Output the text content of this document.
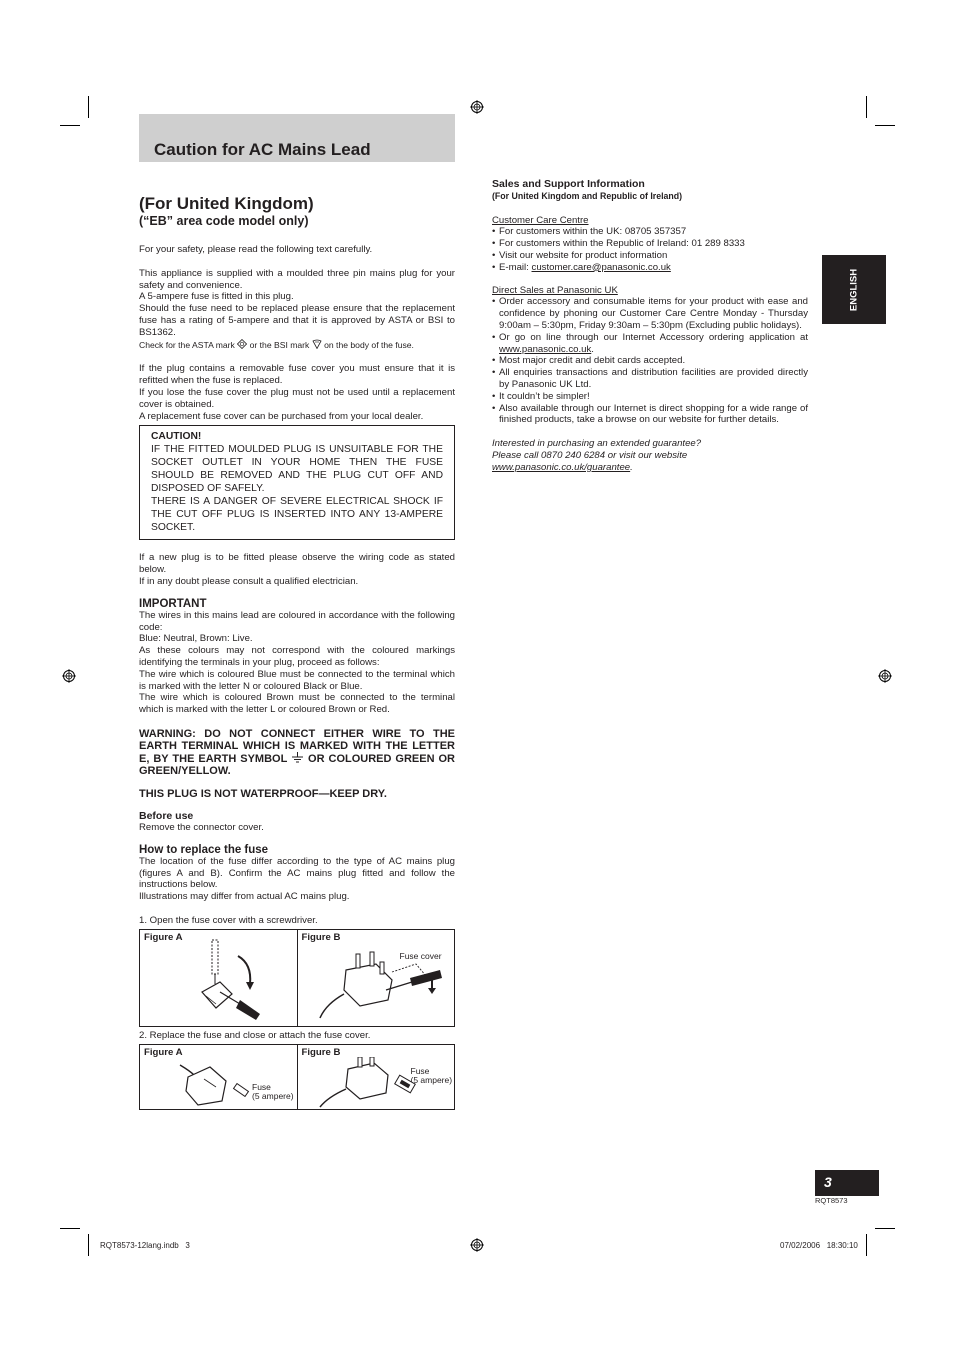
Caution for AC Mains Lead

(For United Kingdom)

(“EB” area code model only)

For your safety, please read the following text carefully.

This appliance is supplied with a moulded three pin mains plug for your safety and convenience.

A 5-ampere fuse is fitted in this plug.

Should the fuse need to be replaced please ensure that the replacement fuse has a rating of 5-ampere and that it is approved by ASTA or BSI to BS1362.

Check for the ASTA mark or the BSI mark on the body of the fuse.

If the plug contains a removable fuse cover you must ensure that it is refitted when the fuse is replaced.

If you lose the fuse cover the plug must not be used until a replacement cover is obtained.

A replacement fuse cover can be purchased from your local dealer.

CAUTION!

IF THE FITTED MOULDED PLUG IS UNSUITABLE FOR THE SOCKET OUTLET IN YOUR HOME THEN THE FUSE SHOULD BE REMOVED AND THE PLUG CUT OFF AND DISPOSED OF SAFELY.

THERE IS A DANGER OF SEVERE ELECTRICAL SHOCK IF THE CUT OFF PLUG IS INSERTED INTO ANY 13-AMPERE SOCKET.

If a new plug is to be fitted please observe the wiring code as stated below.

If in any doubt please consult a qualified electrician.

IMPORTANT

The wires in this mains lead are coloured in accordance with the following code:

Blue: Neutral, Brown: Live.

As these colours may not correspond with the coloured markings identifying the terminals in your plug, proceed as follows:

The wire which is coloured Blue must be connected to the terminal which is marked with the letter N or coloured Black or Blue.

The wire which is coloured Brown must be connected to the terminal which is marked with the letter L or coloured Brown or Red.

WARNING: DO NOT CONNECT EITHER WIRE TO THE EARTH TERMINAL WHICH IS MARKED WITH THE LETTER E, BY THE EARTH SYMBOL OR COLOURED GREEN OR GREEN/YELLOW.

THIS PLUG IS NOT WATERPROOF—KEEP DRY.

Before use

Remove the connector cover.

How to replace the fuse

The location of the fuse differ according to the type of AC mains plug (figures A and B). Confirm the AC mains plug fitted and follow the instructions below.

Illustrations may differ from actual AC mains plug.

1. Open the fuse cover with a screwdriver.

Figure A	Figure B
Fuse cover

2. Replace the fuse and close or attach the fuse cover.

Figure A
Fuse
(5 ampere)
Figure B
Fuse
(5 ampere)

Sales and Support Information

(For United Kingdom and Republic of Ireland)

Customer Care Centre

• For customers within the UK: 08705 357357

• For customers within the Republic of Ireland: 01 289 8333

• Visit our website for product information

• E-mail: customer.care@panasonic.co.uk

Direct Sales at Panasonic UK

• Order accessory and consumable items for your product with ease and confidence by phoning our Customer Care Centre Monday - Thursday 9:00am – 5:30pm, Friday 9:30am – 5:30pm (Excluding public holidays).

• Or go on line through our Internet Accessory ordering application at www.panasonic.co.uk.

• Most major credit and debit cards accepted.

• All enquiries transactions and distribution facilities are provided directly by Panasonic UK Ltd.

• It couldn’t be simpler!

• Also available through our Internet is direct shopping for a wide range of finished products, take a browse on our website for further details.

Interested in purchasing an extended guarantee?

Please call 0870 240 6284 or visit our website

www.panasonic.co.uk/guarantee.

ENGLISH
3
RQT8573
RQT8573-12lang.indb   3	07/02/2006   18:30:10
